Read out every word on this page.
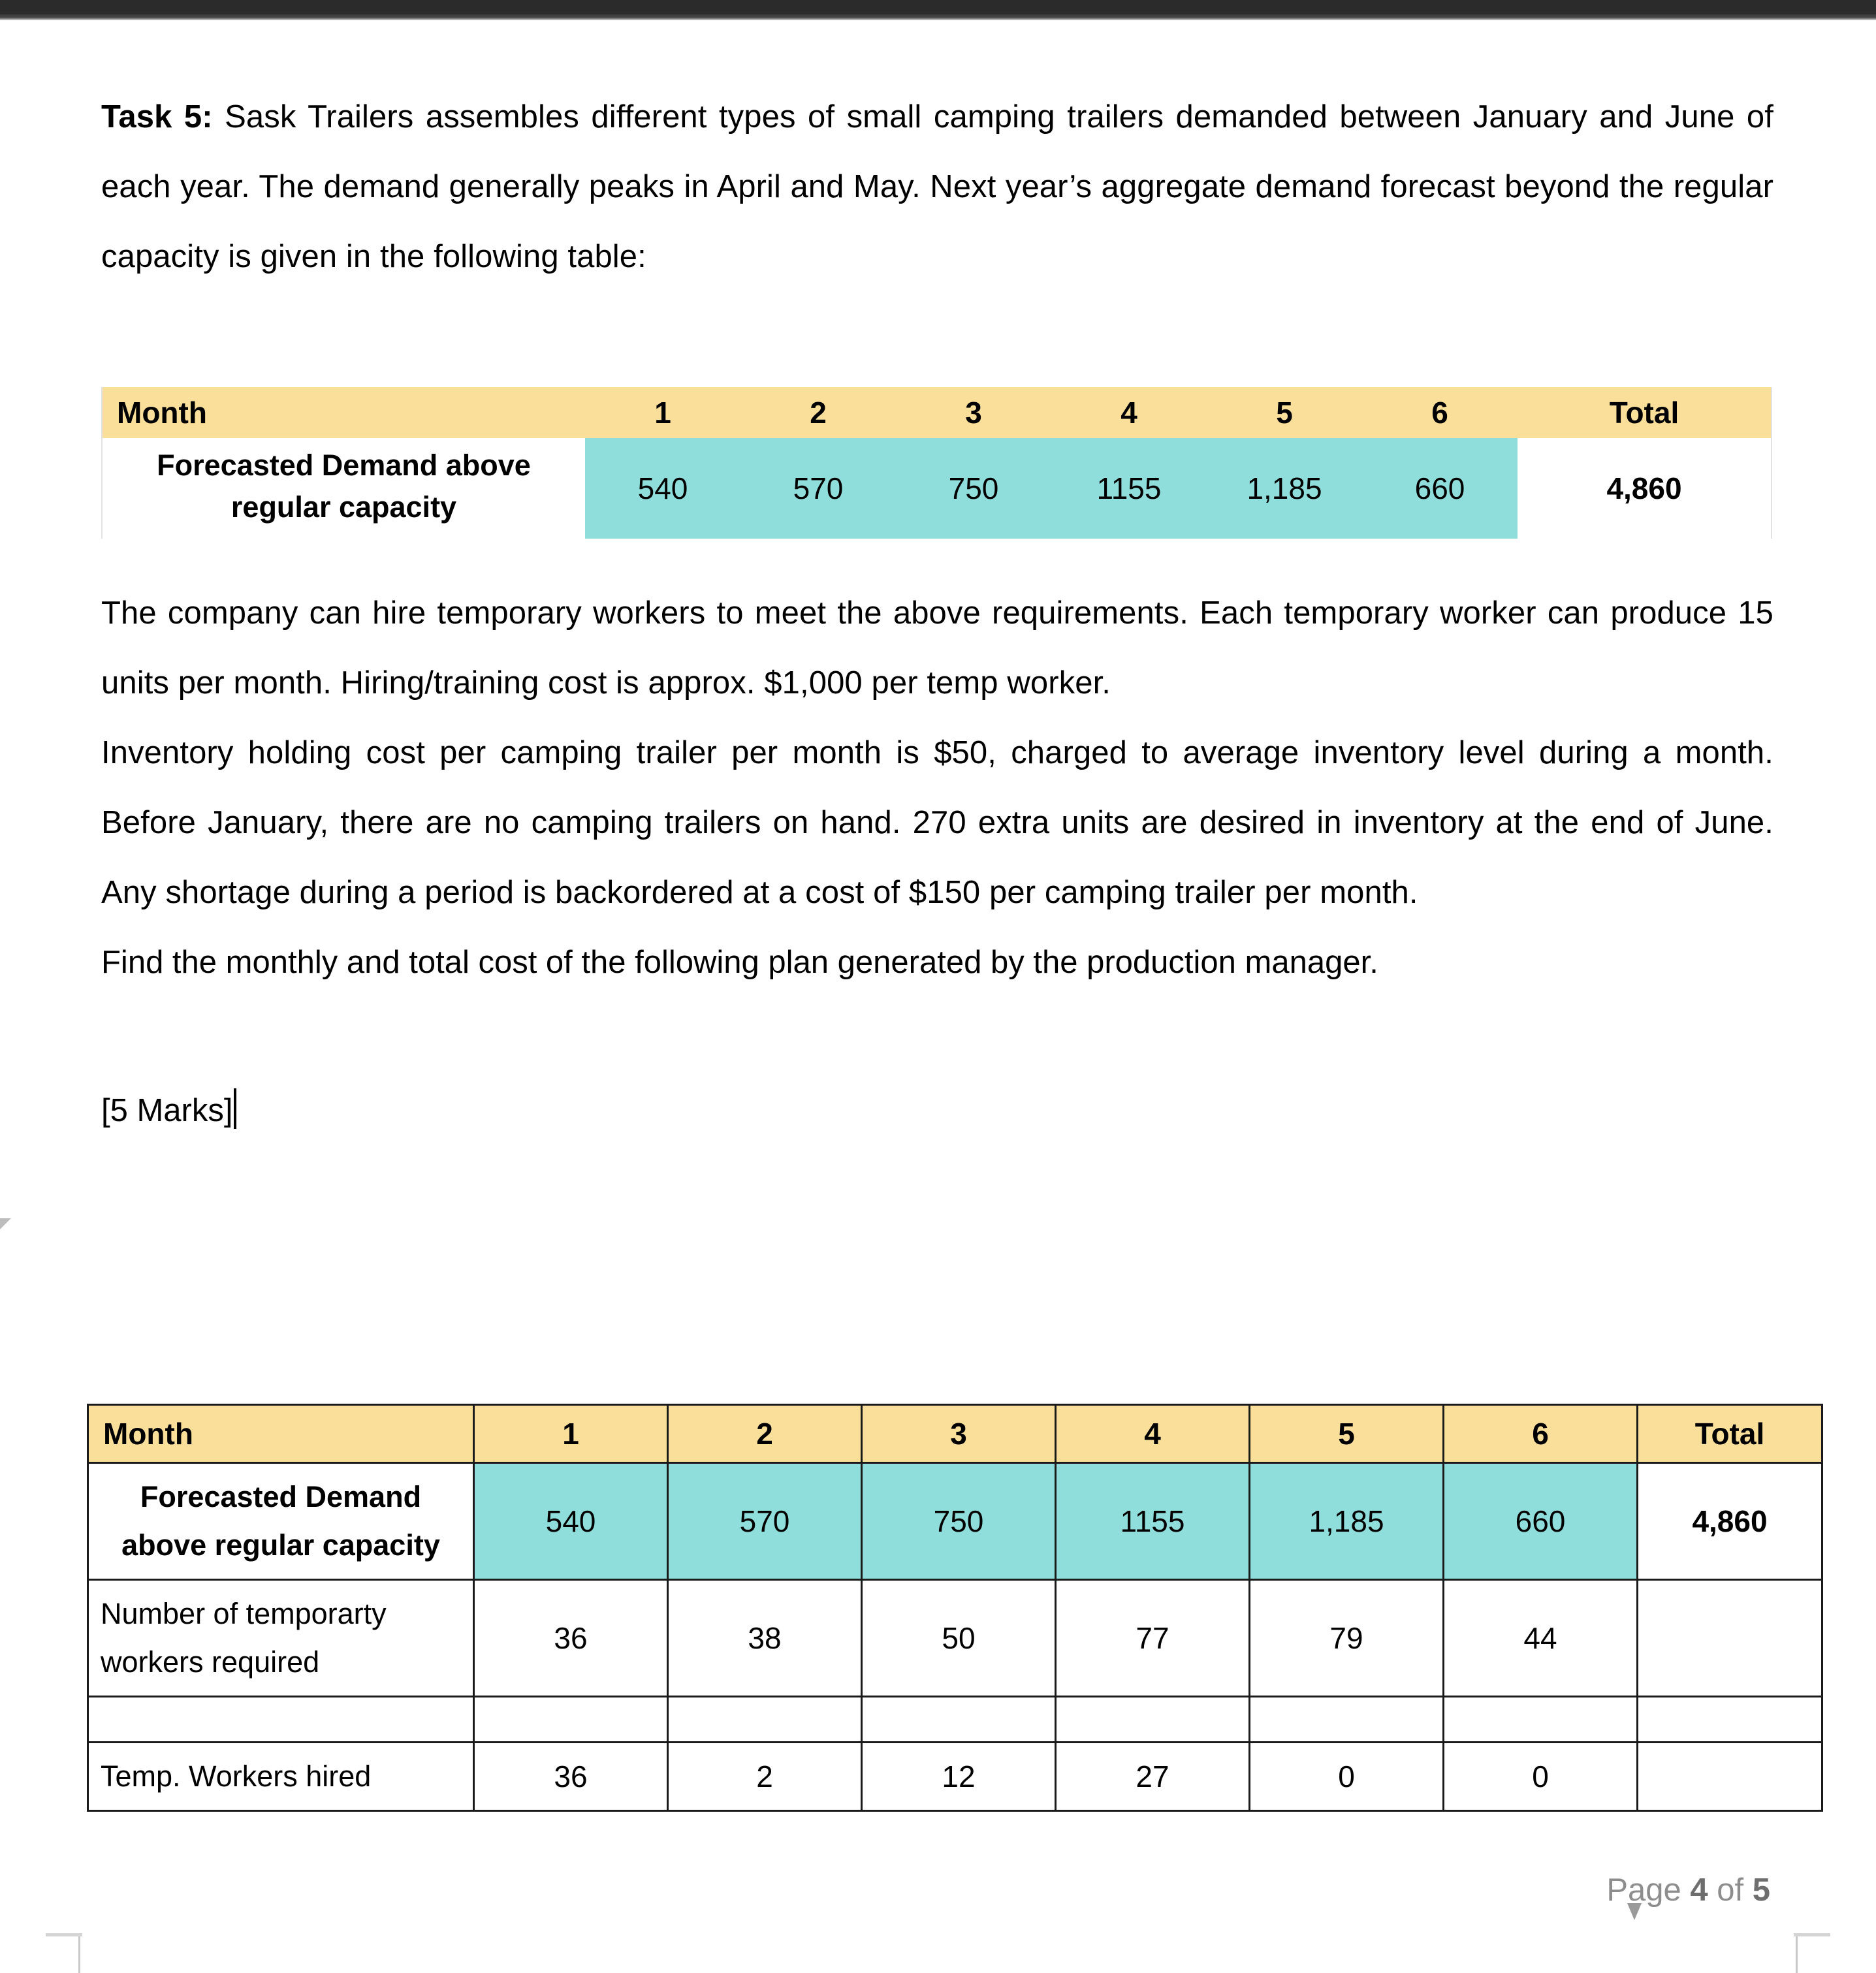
Task 5: Sask Trailers assembles different types of small camping trailers demanded between January and June of each year. The demand generally peaks in April and May. Next year’s aggregate demand forecast beyond the regular capacity is given in the following table:

Month	1	2	3	4	5	6	Total

Forecasted Demand above
regular capacity	540	570	750	1155	1,185	660	4,860

The company can hire temporary workers to meet the above requirements. Each temporary worker can produce 15 units per month. Hiring/training cost is approx. $1,000 per temp worker.

Inventory holding cost per camping trailer per month is $50, charged to average inventory level during a month. Before January, there are no camping trailers on hand. 270 extra units are desired in inventory at the end of June. Any shortage during a period is backordered at a cost of $150 per camping trailer per month.

Find the monthly and total cost of the following plan generated by the production manager.

[5 Marks]

Month	1	2	3	4	5	6	Total

Forecasted Demand
above regular capacity	540	570	750	1155	1,185	660	4,860

Number of temporarty
workers required	36	38	50	77	79	44	

Temp. Workers hired	36	2	12	27	0	0	
Page 4 of 5
